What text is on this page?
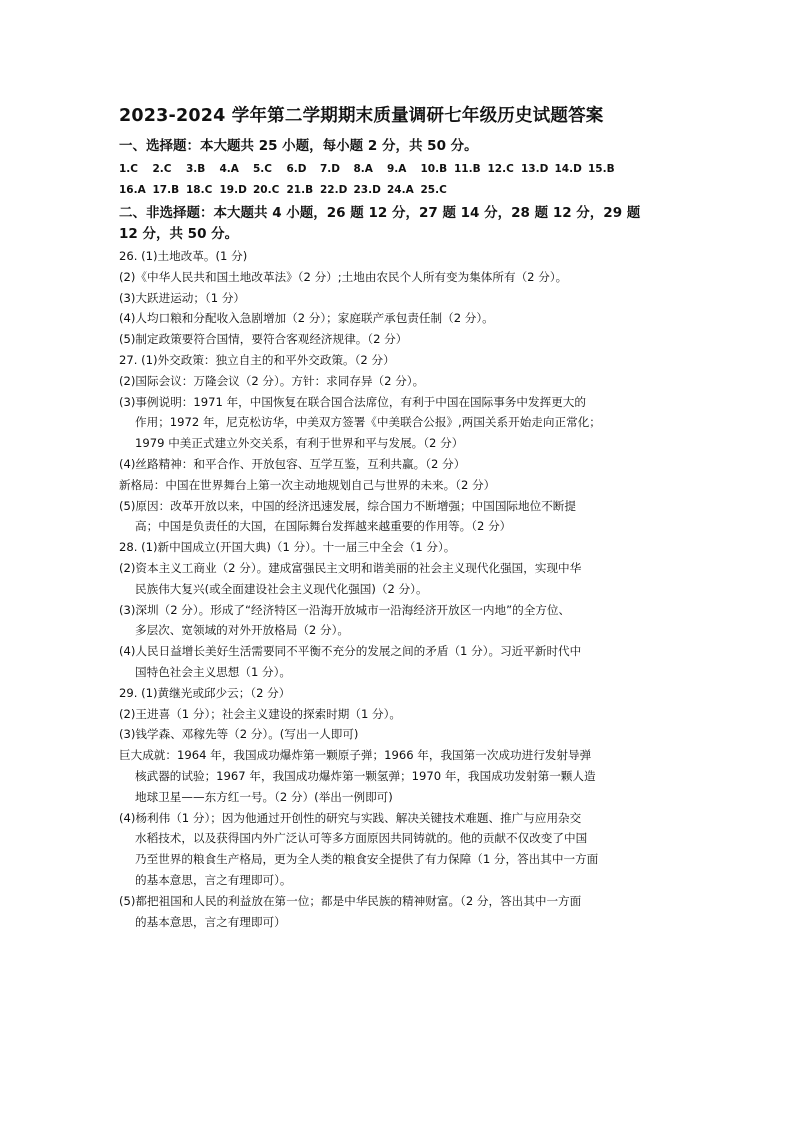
2023-2024 学年第二学期期末质量调研七年级历史试题答案
一、选择题：本大题共 25 小题，每小题 2 分，共 50 分。
1.C 2.C 3.B 4.A 5.C 6.D 7.D 8.A 9.A 10.B 11.B 12.C 13.D 14.D 15.B
16.A 17.B 18.C 19.D 20.C 21.B 22.D 23.D 24.A 25.C
二、非选择题：本大题共 4 小题，26 题 12 分，27 题 14 分，28 题 12 分，29 题
12 分，共 50 分。
26. (1)土地改革。(1 分)
(2)《中华人民共和国土地改革法》（2 分）;土地由农民个人所有变为集体所有（2 分）。
(3)大跃进运动；（1 分）
(4)人均口粮和分配收入急剧增加（2 分）；家庭联产承包责任制（2 分）。
(5)制定政策要符合国情，要符合客观经济规律。（2 分）
27. (1)外交政策：独立自主的和平外交政策。（2 分）
(2)国际会议：万隆会议（2 分）。方针：求同存异（2 分）。
(3)事例说明：1971 年，中国恢复在联合国合法席位，有利于中国在国际事务中发挥更大的
作用；1972 年，尼克松访华，中美双方签署《中美联合公报》,两国关系开始走向正常化；
1979 中美正式建立外交关系，有利于世界和平与发展。（2 分）
(4)丝路精神：和平合作、开放包容、互学互鉴，互利共赢。（2 分）
新格局：中国在世界舞台上第一次主动地规划自己与世界的未来。（2 分）
(5)原因：改革开放以来，中国的经济迅速发展，综合国力不断增强；中国国际地位不断提
高；中国是负责任的大国，在国际舞台发挥越来越重要的作用等。（2 分）
28. (1)新中国成立(开国大典)（1 分）。十一届三中全会（1 分）。
(2)资本主义工商业（2 分）。建成富强民主文明和谐美丽的社会主义现代化强国，实现中华
民族伟大复兴(或全面建设社会主义现代化强国)（2 分）。
(3)深圳（2 分）。形成了“经济特区一沿海开放城市一沿海经济开放区一内地”的全方位、
多层次、宽领域的对外开放格局（2 分）。
(4)人民日益增长美好生活需要同不平衡不充分的发展之间的矛盾（1 分）。习近平新时代中
国特色社会主义思想（1 分）。
29. (1)黄继光或邱少云；（2 分）
(2)王进喜（1 分）；社会主义建设的探索时期（1 分）。
(3)钱学森、邓稼先等（2 分）。(写出一人即可)
巨大成就：1964 年，我国成功爆炸第一颗原子弹；1966 年，我国第一次成功进行发射导弹
核武器的试验；1967 年，我国成功爆炸第一颗氢弹；1970 年，我国成功发射第一颗人造
地球卫星——东方红一号。（2 分）(举出一例即可)
(4)杨利伟（1 分）；因为他通过开创性的研究与实践、解决关键技术难题、推广与应用杂交
水稻技术，以及获得国内外广泛认可等多方面原因共同铸就的。他的贡献不仅改变了中国
乃至世界的粮食生产格局，更为全人类的粮食安全提供了有力保障（1 分，答出其中一方面
的基本意思，言之有理即可）。
(5)都把祖国和人民的利益放在第一位；都是中华民族的精神财富。（2 分，答出其中一方面
的基本意思，言之有理即可）
